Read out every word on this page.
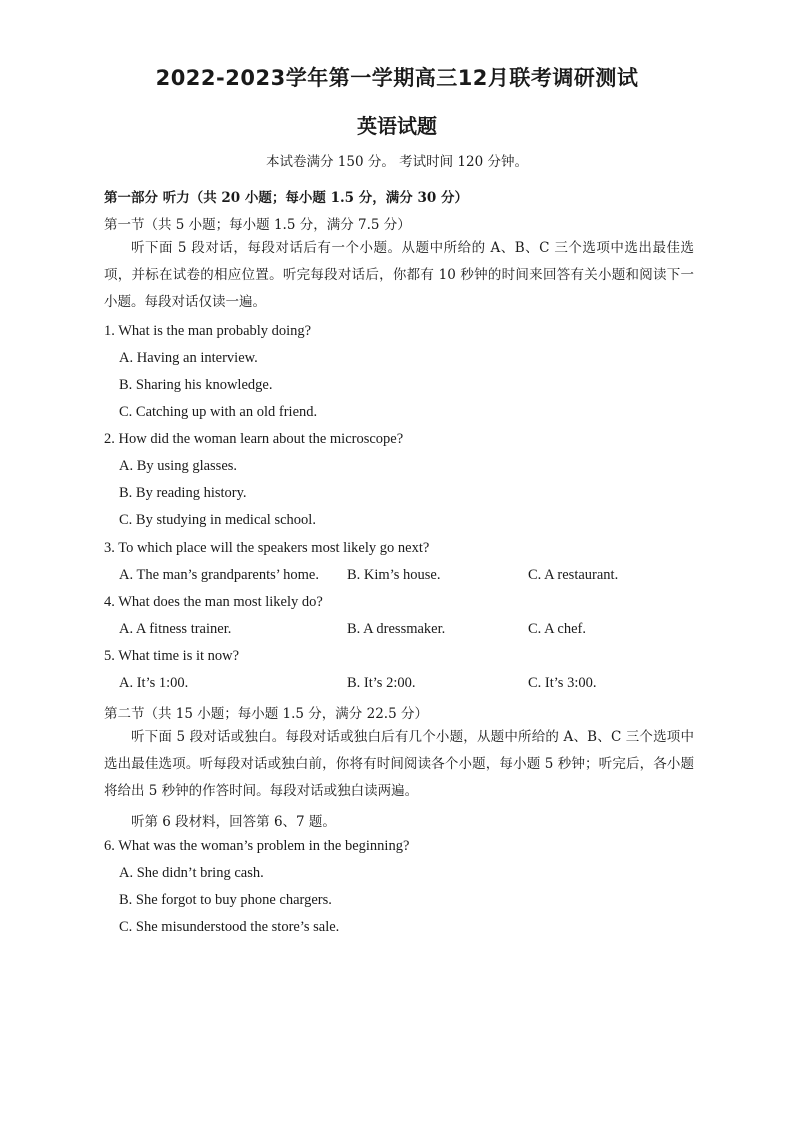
2022-2023学年第一学期高三12月联考调研测试
英语试题
本试卷满分 150 分。 考试时间 120 分钟。
第一部分 听力（共 20 小题；每小题 1.5 分，满分 30 分）
第一节（共 5 小题；每小题 1.5 分，满分 7.5 分）
听下面 5 段对话，每段对话后有一个小题。从题中所给的 A、B、C 三个选项中选出最佳选项，并标在试卷的相应位置。听完每段对话后，你都有 10 秒钟的时间来回答有关小题和阅读下一小题。每段对话仅读一遍。
1. What is the man probably doing?
A. Having an interview.
B. Sharing his knowledge.
C. Catching up with an old friend.
2. How did the woman learn about the microscope?
A. By using glasses.
B. By reading history.
C. By studying in medical school.
3. To which place will the speakers most likely go next?
A. The man’s grandparents’ home. B. Kim’s house.	C. A restaurant.
4. What does the man most likely do?
A. A fitness trainer.	B. A dressmaker.	C. A chef.
5. What time is it now?
A. It’s 1:00.	B. It’s 2:00.	C. It’s 3:00.
第二节（共 15 小题；每小题 1.5 分，满分 22.5 分）
听下面 5 段对话或独白。每段对话或独白后有几个小题，从题中所给的 A、B、C 三个选项中选出最佳选项。听每段对话或独白前，你将有时间阅读各个小题，每小题 5 秒钟；听完后，各小题将给出 5 秒钟的作答时间。每段对话或独白读两遍。
听第 6 段材料，回答第 6、7 题。
6. What was the woman’s problem in the beginning?
A. She didn’t bring cash.
B. She forgot to buy phone chargers.
C. She misunderstood the store’s sale.
